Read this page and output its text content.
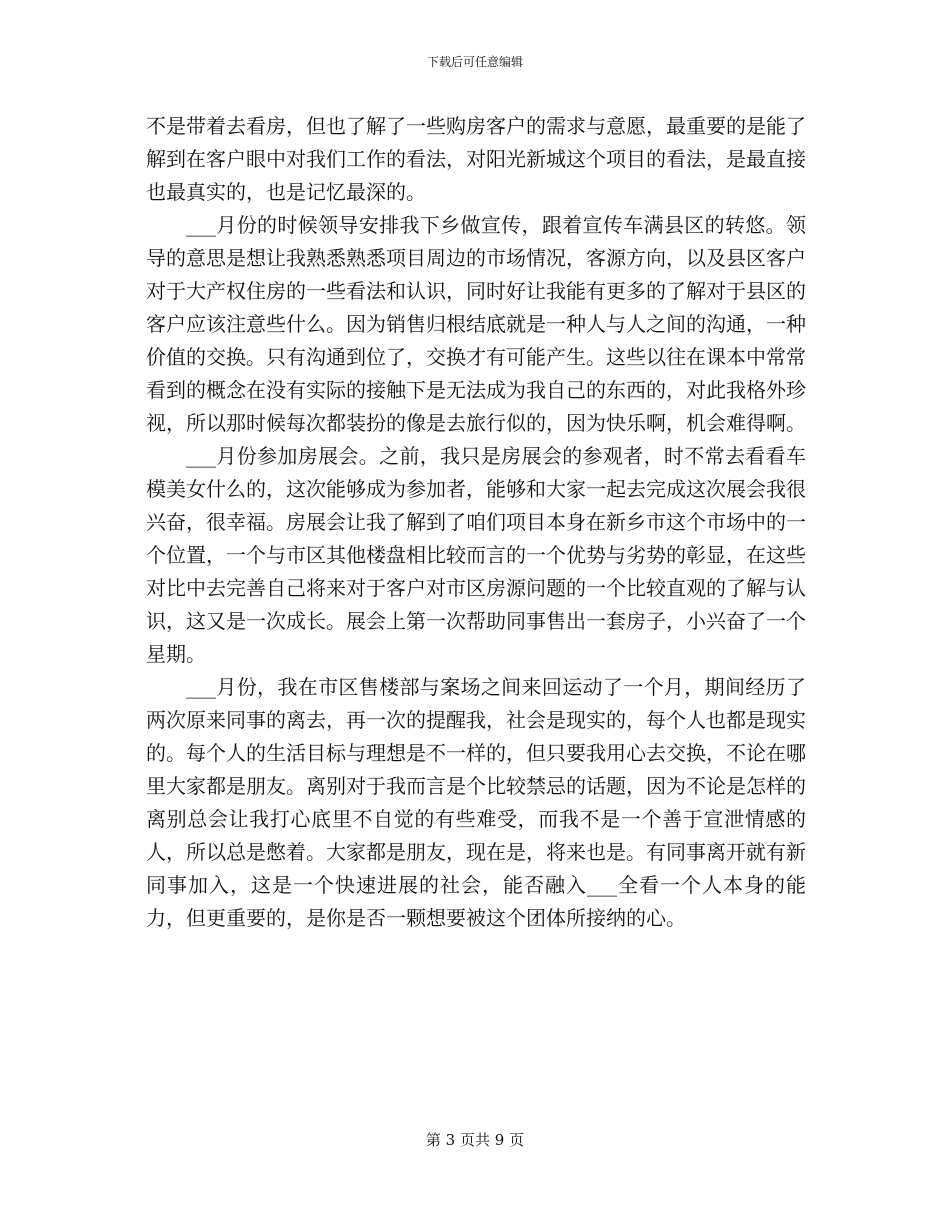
下载后可任意编辑

不是带着去看房，但也了解了一些购房客户的需求与意愿，最重要的是能了解到在客户眼中对我们工作的看法，对阳光新城这个项目的看法，是最直接也最真实的，也是记忆最深的。

___月份的时候领导安排我下乡做宣传，跟着宣传车满县区的转悠。领导的意思是想让我熟悉熟悉项目周边的市场情况，客源方向，以及县区客户对于大产权住房的一些看法和认识，同时好让我能有更多的了解对于县区的客户应该注意些什么。因为销售归根结底就是一种人与人之间的沟通，一种价值的交换。只有沟通到位了，交换才有可能产生。这些以往在课本中常常看到的概念在没有实际的接触下是无法成为我自己的东西的，对此我格外珍视，所以那时候每次都装扮的像是去旅行似的，因为快乐啊，机会难得啊。

___月份参加房展会。之前，我只是房展会的参观者，时不常去看看车模美女什么的，这次能够成为参加者，能够和大家一起去完成这次展会我很兴奋，很幸福。房展会让我了解到了咱们项目本身在新乡市这个市场中的一个位置，一个与市区其他楼盘相比较而言的一个优势与劣势的彰显，在这些对比中去完善自己将来对于客户对市区房源问题的一个比较直观的了解与认识，这又是一次成长。展会上第一次帮助同事售出一套房子，小兴奋了一个星期。

___月份，我在市区售楼部与案场之间来回运动了一个月，期间经历了两次原来同事的离去，再一次的提醒我，社会是现实的，每个人也都是现实的。每个人的生活目标与理想是不一样的，但只要我用心去交换，不论在哪里大家都是朋友。离别对于我而言是个比较禁忌的话题，因为不论是怎样的离别总会让我打心底里不自觉的有些难受，而我不是一个善于宣泄情感的人，所以总是憋着。大家都是朋友，现在是，将来也是。有同事离开就有新同事加入，这是一个快速进展的社会，能否融入___全看一个人本身的能力，但更重要的，是你是否一颗想要被这个团体所接纳的心。

第 3 页共 9 页
